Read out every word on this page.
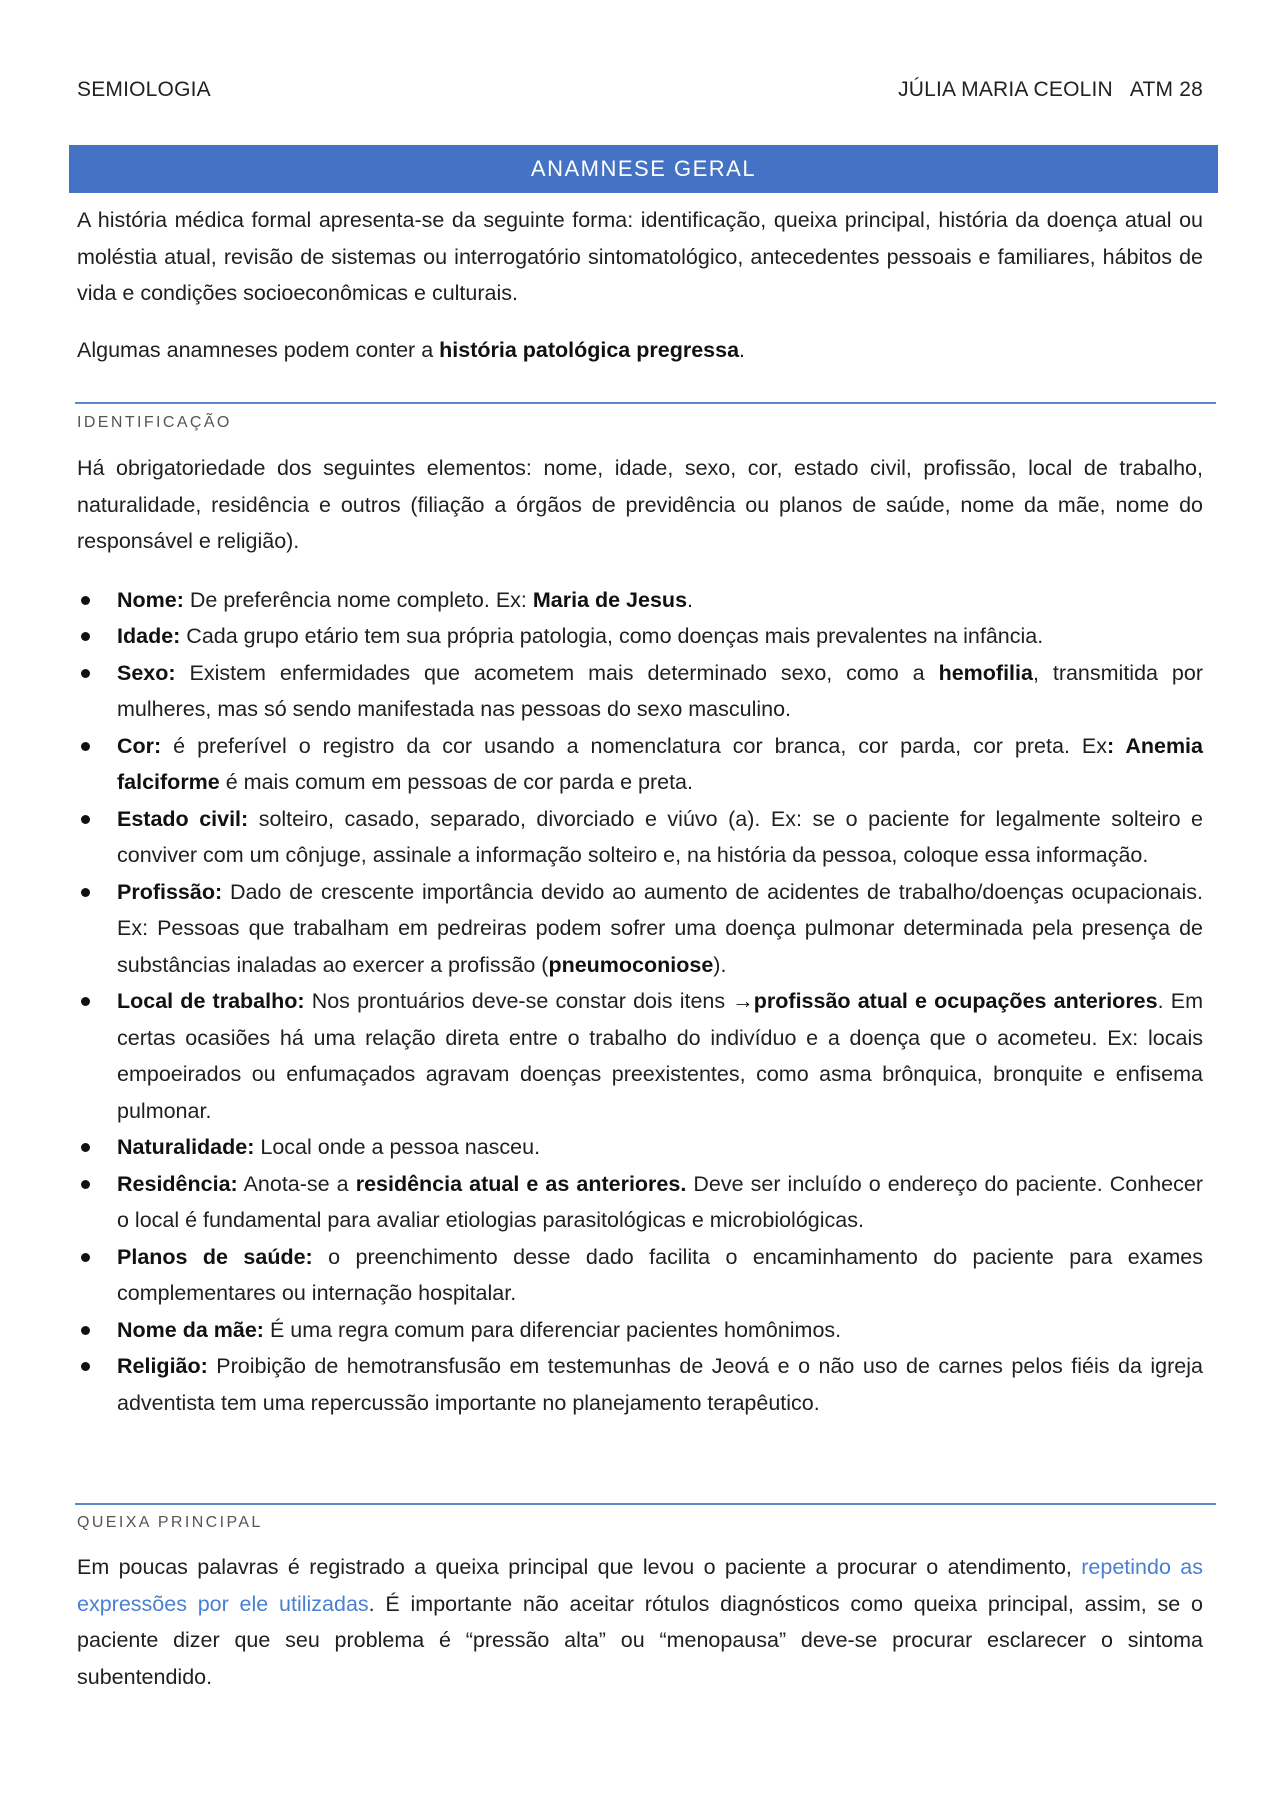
SEMIOLOGIA	JÚLIA MARIA CEOLIN   ATM 28
ANAMNESE GERAL

A história médica formal apresenta-se da seguinte forma: identificação, queixa principal, história da doença atual ou moléstia atual, revisão de sistemas ou interrogatório sintomatológico, antecedentes pessoais e familiares, hábitos de vida e condições socioeconômicas e culturais.

Algumas anamneses podem conter a história patológica pregressa.

IDENTIFICAÇÃO

Há obrigatoriedade dos seguintes elementos: nome, idade, sexo, cor, estado civil, profissão, local de trabalho, naturalidade, residência e outros (filiação a órgãos de previdência ou planos de saúde, nome da mãe, nome do responsável e religião).

Nome: De preferência nome completo. Ex: Maria de Jesus.
Idade: Cada grupo etário tem sua própria patologia, como doenças mais prevalentes na infância.
Sexo: Existem enfermidades que acometem mais determinado sexo, como a hemofilia, transmitida por mulheres, mas só sendo manifestada nas pessoas do sexo masculino.
Cor: é preferível o registro da cor usando a nomenclatura cor branca, cor parda, cor preta. Ex: Anemia falciforme é mais comum em pessoas de cor parda e preta.
Estado civil: solteiro, casado, separado, divorciado e viúvo (a). Ex: se o paciente for legalmente solteiro e conviver com um cônjuge, assinale a informação solteiro e, na história da pessoa, coloque essa informação.
Profissão: Dado de crescente importância devido ao aumento de acidentes de trabalho/doenças ocupacionais. Ex: Pessoas que trabalham em pedreiras podem sofrer uma doença pulmonar determinada pela presença de substâncias inaladas ao exercer a profissão (pneumoconiose).
Local de trabalho: Nos prontuários deve-se constar dois itens →profissão atual e ocupações anteriores. Em certas ocasiões há uma relação direta entre o trabalho do indivíduo e a doença que o acometeu. Ex: locais empoeirados ou enfumaçados agravam doenças preexistentes, como asma brônquica, bronquite e enfisema pulmonar.
Naturalidade: Local onde a pessoa nasceu.
Residência: Anota-se a residência atual e as anteriores. Deve ser incluído o endereço do paciente. Conhecer o local é fundamental para avaliar etiologias parasitológicas e microbiológicas.
Planos de saúde: o preenchimento desse dado facilita o encaminhamento do paciente para exames complementares ou internação hospitalar.
Nome da mãe: É uma regra comum para diferenciar pacientes homônimos.
Religião: Proibição de hemotransfusão em testemunhas de Jeová e o não uso de carnes pelos fiéis da igreja adventista tem uma repercussão importante no planejamento terapêutico.
QUEIXA PRINCIPAL

Em poucas palavras é registrado a queixa principal que levou o paciente a procurar o atendimento, repetindo as expressões por ele utilizadas. É importante não aceitar rótulos diagnósticos como queixa principal, assim, se o paciente dizer que seu problema é “pressão alta” ou “menopausa” deve-se procurar esclarecer o sintoma subentendido.
